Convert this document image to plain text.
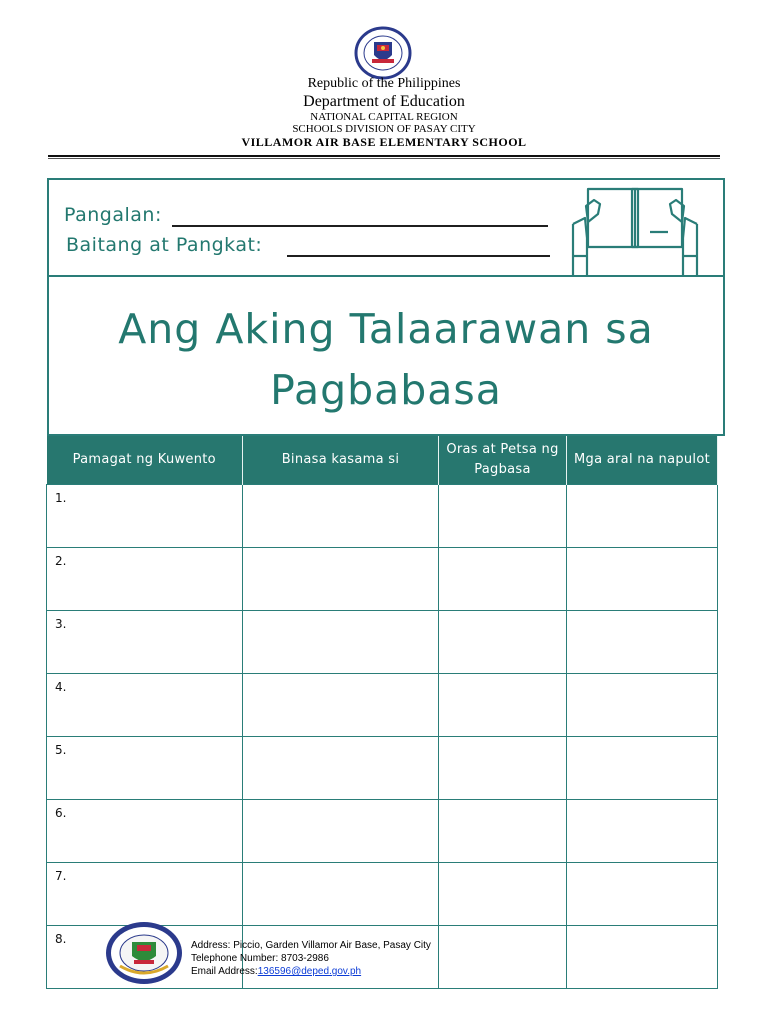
Republic of the Philippines
Department of Education
NATIONAL CAPITAL REGION
SCHOOLS DIVISION OF PASAY CITY
VILLAMOR AIR BASE ELEMENTARY SCHOOL
Pangalan:
Baitang at Pangkat:
Ang Aking Talaarawan sa
Pagbabasa
Pamagat ng Kuwento	Binasa kasama si	Oras at Petsa ng Pagbasa	Mga aral na napulot
1.			
2.			
3.			
4.			
5.			
6.			
7.			
8.				Address: Piccio, Garden Villamor Air Base, Pasay City
Telephone Number: 8703-2986
Email Address:136596@deped.gov.ph
